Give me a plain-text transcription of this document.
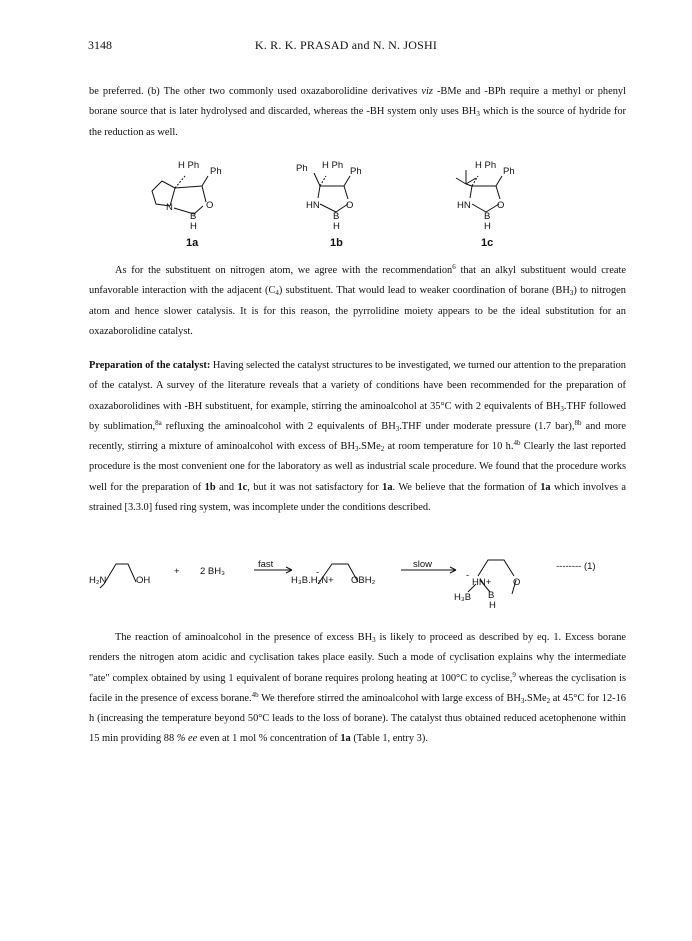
3148	K. R. K. PRASAD and N. N. JOSHI

be preferred. (b) The other two commonly used oxazaborolidine derivatives viz -BMe and -BPh require a methyl or phenyl borane source that is later hydrolysed and discarded, whereas the -BH system only uses $BH_3$ which is the source of hydride for the reduction as well.

H Ph
Ph
N	O
B
H
1a
Ph H Ph
Ph
HN	O
B
H
1b
H Ph
Ph
HN	O
B
H
1c

As for the substituent on nitrogen atom, we agree with the recommendation$^6$ that an alkyl substituent would create unfavorable interaction with the adjacent $(C_4)$ substituent. That would lead to weaker coordination of borane $(BH_3)$ to nitrogen atom and hence slower catalysis. It is for this reason, the pyrrolidine moiety appears to be the ideal substitution for an oxazaborolidine catalyst.

Preparation of the catalyst: Having selected the catalyst structures to be investigated, we turned our attention to the preparation of the catalyst. A survey of the literature reveals that a variety of conditions have been recommended for the preparation of oxazaborolidines with -BH substituent, for example, stirring the aminoalcohol at 35°C with 2 equivalents of $BH_3.THF$ followed by sublimation,$^{8a}$ refluxing the aminoalcohol with 2 equivalents of $BH_3.THF$ under moderate pressure (1.7 bar),$^{8b}$ and more recently, stirring a mixture of aminoalcohol with excess of $BH_3.SMe_2$ at room temperature for 10 h.$^{4b}$ Clearly the last reported procedure is the most convenient one for the laboratory as well as industrial scale procedure. We found that the procedure works well for the preparation of 1b and 1c, but it was not satisfactory for 1a. We believe that the formation of 1a which involves a strained [3.3.0] fused ring system, was incomplete under the conditions described.

H₂N	OH
+ 2 BH₃
fast
-
H₃B.H₂N+ OBH₂
slow
-
HN+ O
H₃B B
H
-------- (1)

The reaction of aminoalcohol in the presence of excess $BH_3$ is likely to proceed as described by eq. 1. Excess borane renders the nitrogen atom acidic and cyclisation takes place easily. Such a mode of cyclisation explains why the intermediate "ate" complex obtained by using 1 equivalent of borane requires prolong heating at 100°C to cyclise,$^9$ whereas the cyclisation is facile in the presence of excess borane.$^{4b}$ We therefore stirred the aminoalcohol with large excess of $BH_3.SMe_2$ at 45°C for 12-16 h (increasing the temperature beyond 50°C leads to the loss of borane). The catalyst thus obtained reduced acetophenone within 15 min providing 88 % ee even at 1 mol % concentration of 1a (Table 1, entry 3).
